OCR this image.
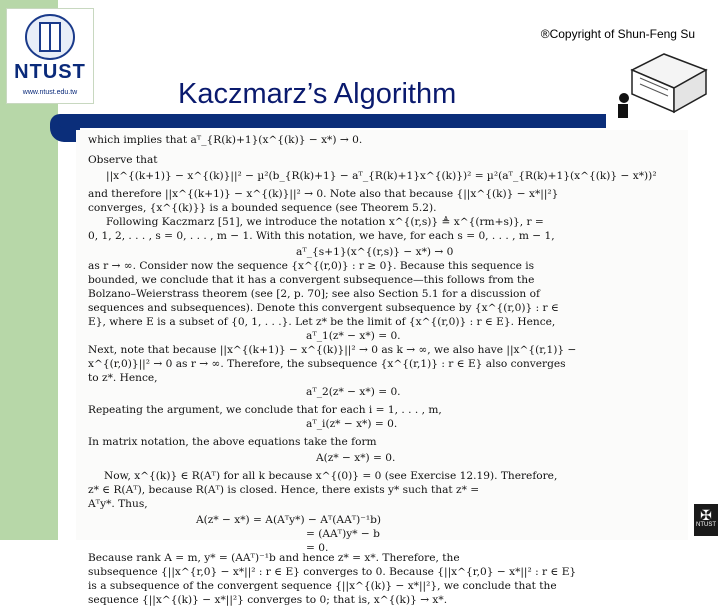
NTUST
www.ntust.edu.tw
®Copyright of Shun-Feng Su
Kaczmarz’s Algorithm
which implies that aᵀ_{R(k)+1}(x^{(k)} − x*) → 0.
Observe that
||x^{(k+1)} − x^{(k)}||² − µ²(b_{R(k)+1} − aᵀ_{R(k)+1}x^{(k)})² = µ²(aᵀ_{R(k)+1}(x^{(k)} − x*))²
and therefore ||x^{(k+1)} − x^{(k)}||² → 0. Note also that because {||x^{(k)} − x*||²}
converges, {x^{(k)}} is a bounded sequence (see Theorem 5.2).
Following Kaczmarz [51], we introduce the notation x^{(r,s)} ≜ x^{(rm+s)}, r =
0, 1, 2, . . . , s = 0, . . . , m − 1. With this notation, we have, for each s = 0, . . . , m − 1,
aᵀ_{s+1}(x^{(r,s)} − x*) → 0
as r → ∞. Consider now the sequence {x^{(r,0)} : r ≥ 0}. Because this sequence is
bounded, we conclude that it has a convergent subsequence—this follows from the
Bolzano–Weierstrass theorem (see [2, p. 70]; see also Section 5.1 for a discussion of
sequences and subsequences). Denote this convergent subsequence by {x^{(r,0)} : r ∈
E}, where E is a subset of {0, 1, . . .}. Let z* be the limit of {x^{(r,0)} : r ∈ E}. Hence,
aᵀ_1(z* − x*) = 0.
Next, note that because ||x^{(k+1)} − x^{(k)}||² → 0 as k → ∞, we also have ||x^{(r,1)} −
x^{(r,0)}||² → 0 as r → ∞. Therefore, the subsequence {x^{(r,1)} : r ∈ E} also converges
to z*. Hence,
aᵀ_2(z* − x*) = 0.
Repeating the argument, we conclude that for each i = 1, . . . , m,
aᵀ_i(z* − x*) = 0.
In matrix notation, the above equations take the form
A(z* − x*) = 0.
Now, x^{(k)} ∈ R(Aᵀ) for all k because x^{(0)} = 0 (see Exercise 12.19). Therefore,
z* ∈ R(Aᵀ), because R(Aᵀ) is closed. Hence, there exists y* such that z* =
Aᵀy*. Thus,
A(z* − x*) = A(Aᵀy*) − Aᵀ(AAᵀ)⁻¹b)
= (AAᵀ)y* − b
= 0.
Because rank A = m, y* = (AAᵀ)⁻¹b and hence z* = x*. Therefore, the
subsequence {||x^{r,0} − x*||² : r ∈ E} converges to 0. Because {||x^{r,0} − x*||² : r ∈ E}
is a subsequence of the convergent sequence {||x^{(k)} − x*||²}, we conclude that the
sequence {||x^{(k)} − x*||²} converges to 0; that is, x^{(k)} → x*.
✠
NTUST
